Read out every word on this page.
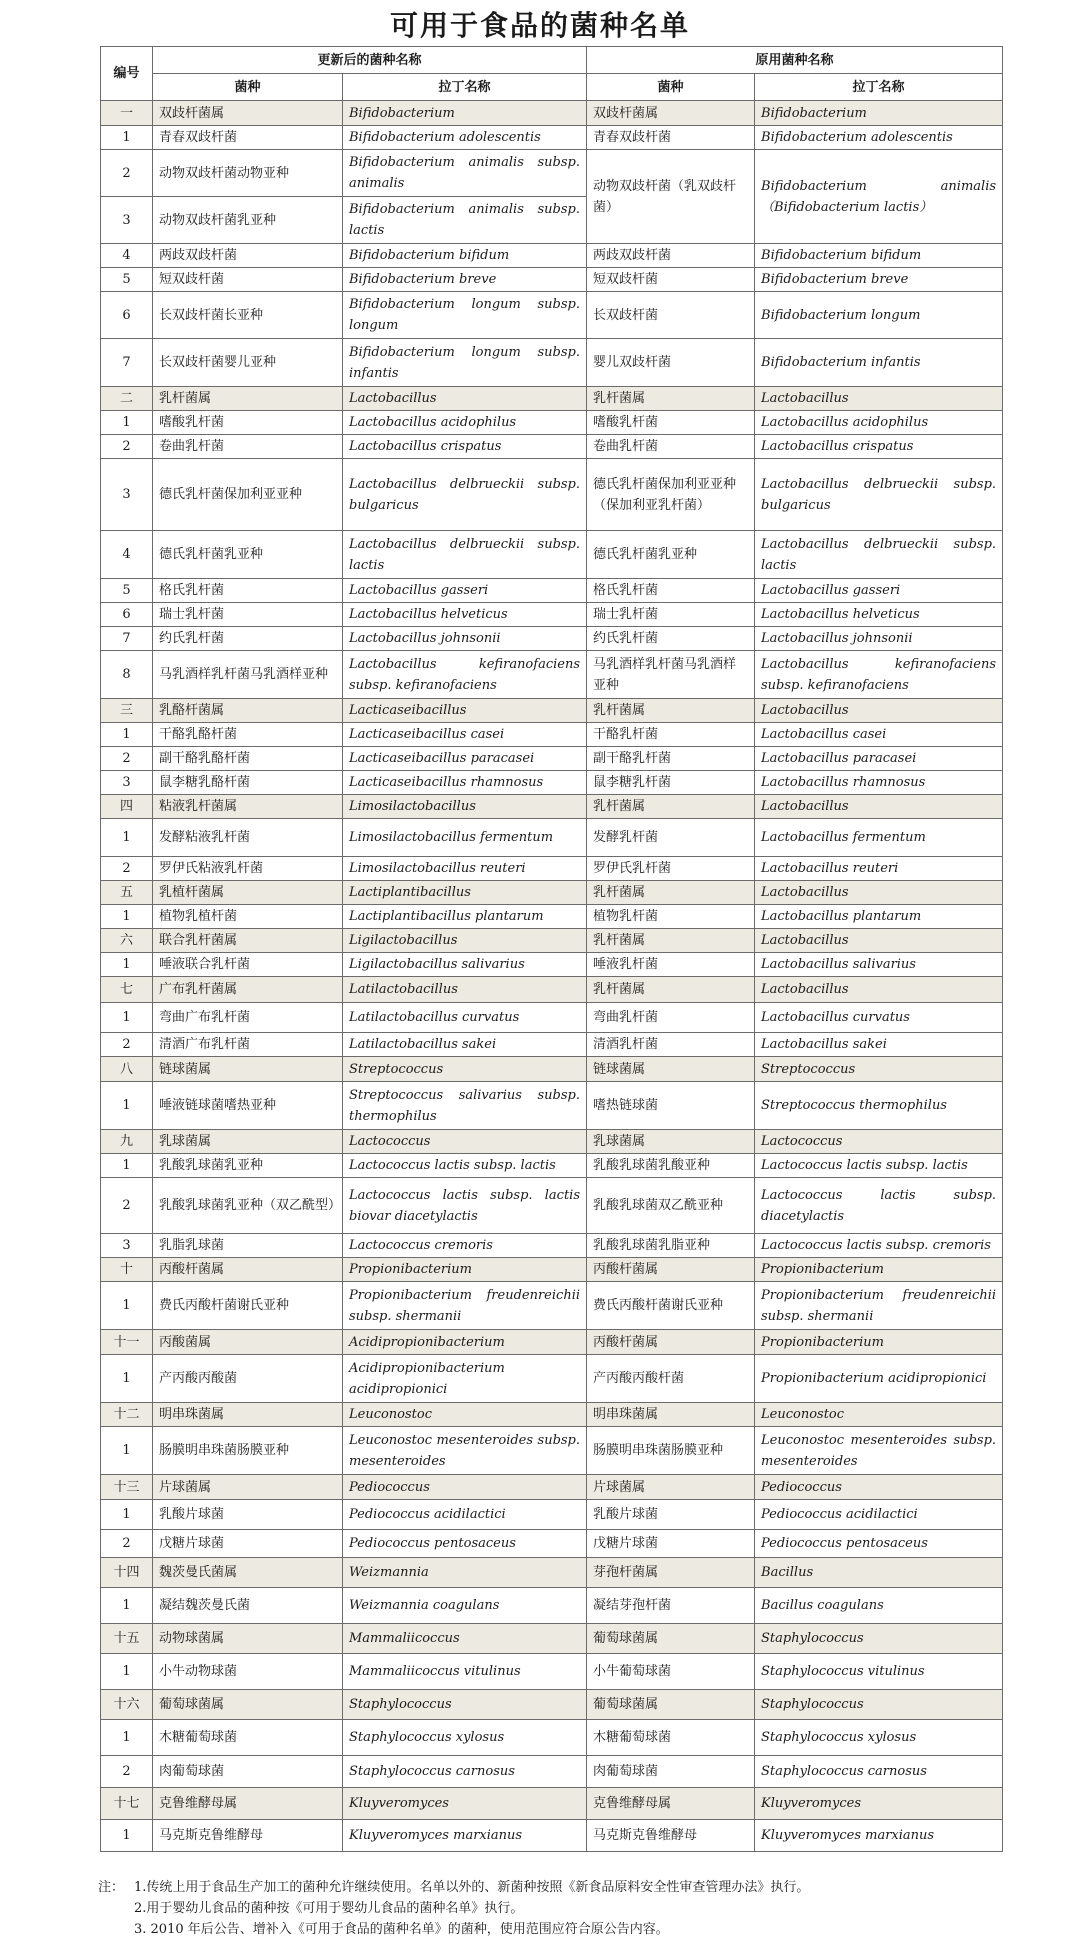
可用于食品的菌种名单
编号	更新后的菌种名称		原用菌种名称	
	菌种	拉丁名称	菌种	拉丁名称
一	双歧杆菌属	Bifidobacterium	双歧杆菌属	Bifidobacterium
1	青春双歧杆菌	Bifidobacterium adolescentis	青春双歧杆菌	Bifidobacterium adolescentis
2	动物双歧杆菌动物亚种	Bifidobacterium animalis subsp. animalis	动物双歧杆菌（乳双歧杆菌）	Bifidobacterium animalis （Bifidobacterium lactis）
3	动物双歧杆菌乳亚种	Bifidobacterium animalis subsp. lactis		
4	两歧双歧杆菌	Bifidobacterium bifidum	两歧双歧杆菌	Bifidobacterium bifidum
5	短双歧杆菌	Bifidobacterium breve	短双歧杆菌	Bifidobacterium breve
6	长双歧杆菌长亚种	Bifidobacterium longum subsp. longum	长双歧杆菌	Bifidobacterium longum
7	长双歧杆菌婴儿亚种	Bifidobacterium longum subsp. infantis	婴儿双歧杆菌	Bifidobacterium infantis
二	乳杆菌属	Lactobacillus	乳杆菌属	Lactobacillus
1	嗜酸乳杆菌	Lactobacillus acidophilus	嗜酸乳杆菌	Lactobacillus acidophilus
2	卷曲乳杆菌	Lactobacillus crispatus	卷曲乳杆菌	Lactobacillus crispatus
3	德氏乳杆菌保加利亚亚种	Lactobacillus delbrueckii subsp. bulgaricus	德氏乳杆菌保加利亚亚种（保加利亚乳杆菌）	Lactobacillus delbrueckii subsp. bulgaricus
4	德氏乳杆菌乳亚种	Lactobacillus delbrueckii subsp. lactis	德氏乳杆菌乳亚种	Lactobacillus delbrueckii subsp. lactis
5	格氏乳杆菌	Lactobacillus gasseri	格氏乳杆菌	Lactobacillus gasseri
6	瑞士乳杆菌	Lactobacillus helveticus	瑞士乳杆菌	Lactobacillus helveticus
7	约氏乳杆菌	Lactobacillus johnsonii	约氏乳杆菌	Lactobacillus johnsonii
8	马乳酒样乳杆菌马乳酒样亚种	Lactobacillus kefiranofaciens subsp. kefiranofaciens	马乳酒样乳杆菌马乳酒样亚种	Lactobacillus kefiranofaciens subsp. kefiranofaciens
三	乳酪杆菌属	Lacticaseibacillus	乳杆菌属	Lactobacillus
1	干酪乳酪杆菌	Lacticaseibacillus casei	干酪乳杆菌	Lactobacillus casei
2	副干酪乳酪杆菌	Lacticaseibacillus paracasei	副干酪乳杆菌	Lactobacillus paracasei
3	鼠李糖乳酪杆菌	Lacticaseibacillus rhamnosus	鼠李糖乳杆菌	Lactobacillus rhamnosus
四	粘液乳杆菌属	Limosilactobacillus	乳杆菌属	Lactobacillus
1	发酵粘液乳杆菌	Limosilactobacillus fermentum	发酵乳杆菌	Lactobacillus fermentum
2	罗伊氏粘液乳杆菌	Limosilactobacillus reuteri	罗伊氏乳杆菌	Lactobacillus reuteri
五	乳植杆菌属	Lactiplantibacillus	乳杆菌属	Lactobacillus
1	植物乳植杆菌	Lactiplantibacillus plantarum	植物乳杆菌	Lactobacillus plantarum
六	联合乳杆菌属	Ligilactobacillus	乳杆菌属	Lactobacillus
1	唾液联合乳杆菌	Ligilactobacillus salivarius	唾液乳杆菌	Lactobacillus salivarius
七	广布乳杆菌属	Latilactobacillus	乳杆菌属	Lactobacillus
1	弯曲广布乳杆菌	Latilactobacillus curvatus	弯曲乳杆菌	Lactobacillus curvatus
2	清酒广布乳杆菌	Latilactobacillus sakei	清酒乳杆菌	Lactobacillus sakei
八	链球菌属	Streptococcus	链球菌属	Streptococcus
1	唾液链球菌嗜热亚种	Streptococcus salivarius subsp. thermophilus	嗜热链球菌	Streptococcus thermophilus
九	乳球菌属	Lactococcus	乳球菌属	Lactococcus
1	乳酸乳球菌乳亚种	Lactococcus lactis subsp. lactis	乳酸乳球菌乳酸亚种	Lactococcus lactis subsp. lactis
2	乳酸乳球菌乳亚种（双乙酰型）	Lactococcus lactis subsp. lactis biovar diacetylactis	乳酸乳球菌双乙酰亚种	Lactococcus lactis subsp. diacetylactis
3	乳脂乳球菌	Lactococcus cremoris	乳酸乳球菌乳脂亚种	Lactococcus lactis subsp. cremoris
十	丙酸杆菌属	Propionibacterium	丙酸杆菌属	Propionibacterium
1	费氏丙酸杆菌谢氏亚种	Propionibacterium freudenreichii subsp. shermanii	费氏丙酸杆菌谢氏亚种	Propionibacterium freudenreichii subsp. shermanii
十一	丙酸菌属	Acidipropionibacterium	丙酸杆菌属	Propionibacterium
1	产丙酸丙酸菌	Acidipropionibacterium acidipropionici	产丙酸丙酸杆菌	Propionibacterium acidipropionici
十二	明串珠菌属	Leuconostoc	明串珠菌属	Leuconostoc
1	肠膜明串珠菌肠膜亚种	Leuconostoc mesenteroides subsp. mesenteroides	肠膜明串珠菌肠膜亚种	Leuconostoc mesenteroides subsp. mesenteroides
十三	片球菌属	Pediococcus	片球菌属	Pediococcus
1	乳酸片球菌	Pediococcus acidilactici	乳酸片球菌	Pediococcus acidilactici
2	戊糖片球菌	Pediococcus pentosaceus	戊糖片球菌	Pediococcus pentosaceus
十四	魏茨曼氏菌属	Weizmannia	芽孢杆菌属	Bacillus
1	凝结魏茨曼氏菌	Weizmannia coagulans	凝结芽孢杆菌	Bacillus coagulans
十五	动物球菌属	Mammaliicoccus	葡萄球菌属	Staphylococcus
1	小牛动物球菌	Mammaliicoccus vitulinus	小牛葡萄球菌	Staphylococcus vitulinus
十六	葡萄球菌属	Staphylococcus	葡萄球菌属	Staphylococcus
1	木糖葡萄球菌	Staphylococcus xylosus	木糖葡萄球菌	Staphylococcus xylosus
2	肉葡萄球菌	Staphylococcus carnosus	肉葡萄球菌	Staphylococcus carnosus
十七	克鲁维酵母属	Kluyveromyces	克鲁维酵母属	Kluyveromyces
1	马克斯克鲁维酵母	Kluyveromyces marxianus	马克斯克鲁维酵母	Kluyveromyces marxianus
注： 1.传统上用于食品生产加工的菌种允许继续使用。名单以外的、新菌种按照《新食品原料安全性审查管理办法》执行。
2.用于婴幼儿食品的菌种按《可用于婴幼儿食品的菌种名单》执行。
3. 2010 年后公告、增补入《可用于食品的菌种名单》的菌种，使用范围应符合原公告内容。
